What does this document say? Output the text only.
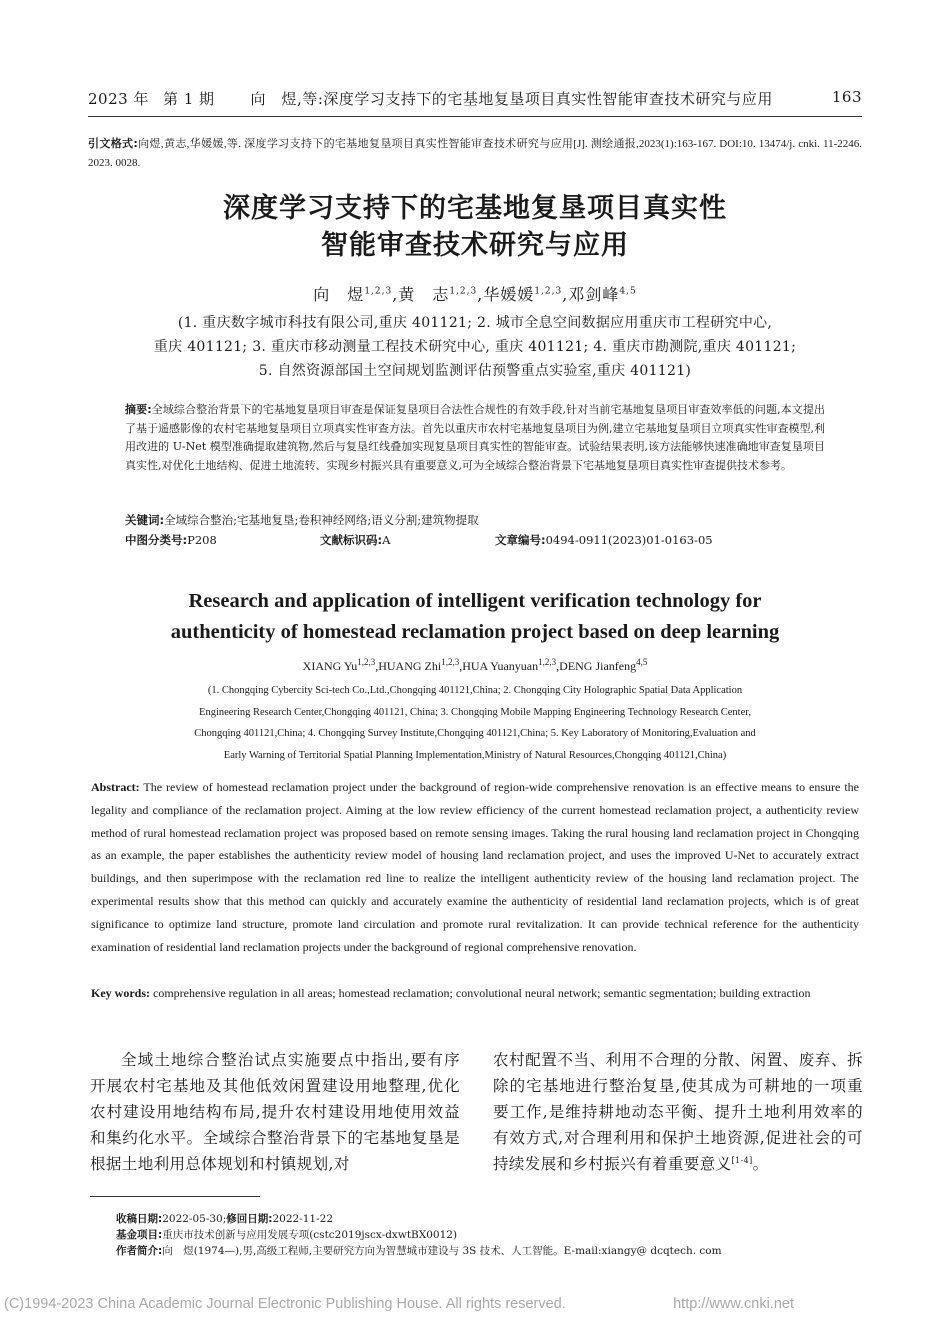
2023 年 第 1 期 向　煜,等:深度学习支持下的宅基地复垦项目真实性智能审查技术研究与应用	163
引文格式:向煜,黄志,华媛媛,等. 深度学习支持下的宅基地复垦项目真实性智能审查技术研究与应用[J]. 测绘通报,2023(1):163-167. DOI:10. 13474/j. cnki. 11-2246. 2023. 0028.
深度学习支持下的宅基地复垦项目真实性
智能审查技术研究与应用
向　煜$^{1,2,3}$,黄　志$^{1,2,3}$,华媛媛$^{1,2,3}$,邓剑峰$^{4,5}$
(1. 重庆数字城市科技有限公司,重庆 401121; 2. 城市全息空间数据应用重庆市工程研究中心,
重庆 401121; 3. 重庆市移动测量工程技术研究中心, 重庆 401121; 4. 重庆市勘测院,重庆 401121;
5. 自然资源部国土空间规划监测评估预警重点实验室,重庆 401121)
摘要:全域综合整治背景下的宅基地复垦项目审查是保证复垦项目合法性合规性的有效手段,针对当前宅基地复垦项目审查效率低的问题,本文提出了基于遥感影像的农村宅基地复垦项目立项真实性审查方法。首先以重庆市农村宅基地复垦项目为例,建立宅基地复垦项目立项真实性审查模型,利用改进的 U-Net 模型准确提取建筑物,然后与复垦红线叠加实现复垦项目真实性的智能审查。试验结果表明,该方法能够快速准确地审查复垦项目真实性,对优化土地结构、促进土地流转、实现乡村振兴具有重要意义,可为全域综合整治背景下宅基地复垦项目真实性审查提供技术参考。
关键词:全域综合整治;宅基地复垦;卷积神经网络;语义分割;建筑物提取
中图分类号:P208	文献标识码:A	文章编号:0494-0911(2023)01-0163-05
Research and application of intelligent verification technology for
authenticity of homestead reclamation project based on deep learning
XIANG Yu$^{1,2,3}$,HUANG Zhi$^{1,2,3}$,HUA Yuanyuan$^{1,2,3}$,DENG Jianfeng$^{4,5}$
(1. Chongqing Cybercity Sci-tech Co.,Ltd.,Chongqing 401121,China; 2. Chongqing City Holographic Spatial Data Application
Engineering Research Center,Chongqing 401121, China; 3. Chongqing Mobile Mapping Engineering Technology Research Center,
Chongqing 401121,China; 4. Chongqing Survey Institute,Chongqing 401121,China; 5. Key Laboratory of Monitoring,Evaluation and
Early Warning of Territorial Spatial Planning Implementation,Ministry of Natural Resources,Chongqing 401121,China)
Abstract: The review of homestead reclamation project under the background of region-wide comprehensive renovation is an effective means to ensure the legality and compliance of the reclamation project. Aiming at the low review efficiency of the current homestead reclamation project, a authenticity review method of rural homestead reclamation project was proposed based on remote sensing images. Taking the rural housing land reclamation project in Chongqing as an example, the paper establishes the authenticity review model of housing land reclamation project, and uses the improved U-Net to accurately extract buildings, and then superimpose with the reclamation red line to realize the intelligent authenticity review of the housing land reclamation project. The experimental results show that this method can quickly and accurately examine the authenticity of residential land reclamation projects, which is of great significance to optimize land structure, promote land circulation and promote rural revitalization. It can provide technical reference for the authenticity examination of residential land reclamation projects under the background of regional comprehensive renovation.
Key words: comprehensive regulation in all areas; homestead reclamation; convolutional neural network; semantic segmentation; building extraction
全域土地综合整治试点实施要点中指出,要有序开展农村宅基地及其他低效闲置建设用地整理,优化农村建设用地结构布局,提升农村建设用地使用效益和集约化水平。全域综合整治背景下的宅基地复垦是根据土地利用总体规划和村镇规划,对
农村配置不当、利用不合理的分散、闲置、废弃、拆除的宅基地进行整治复垦,使其成为可耕地的一项重要工作,是维持耕地动态平衡、提升土地利用效率的有效方式,对合理利用和保护土地资源,促进社会的可持续发展和乡村振兴有着重要意义[1-4]。
收稿日期:2022-05-30;修回日期:2022-11-22
基金项目:重庆市技术创新与应用发展专项(cstc2019jscx-dxwtBX0012)
作者简介:向　煜(1974—),男,高级工程师,主要研究方向为智慧城市建设与 3S 技术、人工智能。E-mail:xiangy@ dcqtech. com
(C)1994-2023 China Academic Journal Electronic Publishing House. All rights reserved.	http://www.cnki.net
